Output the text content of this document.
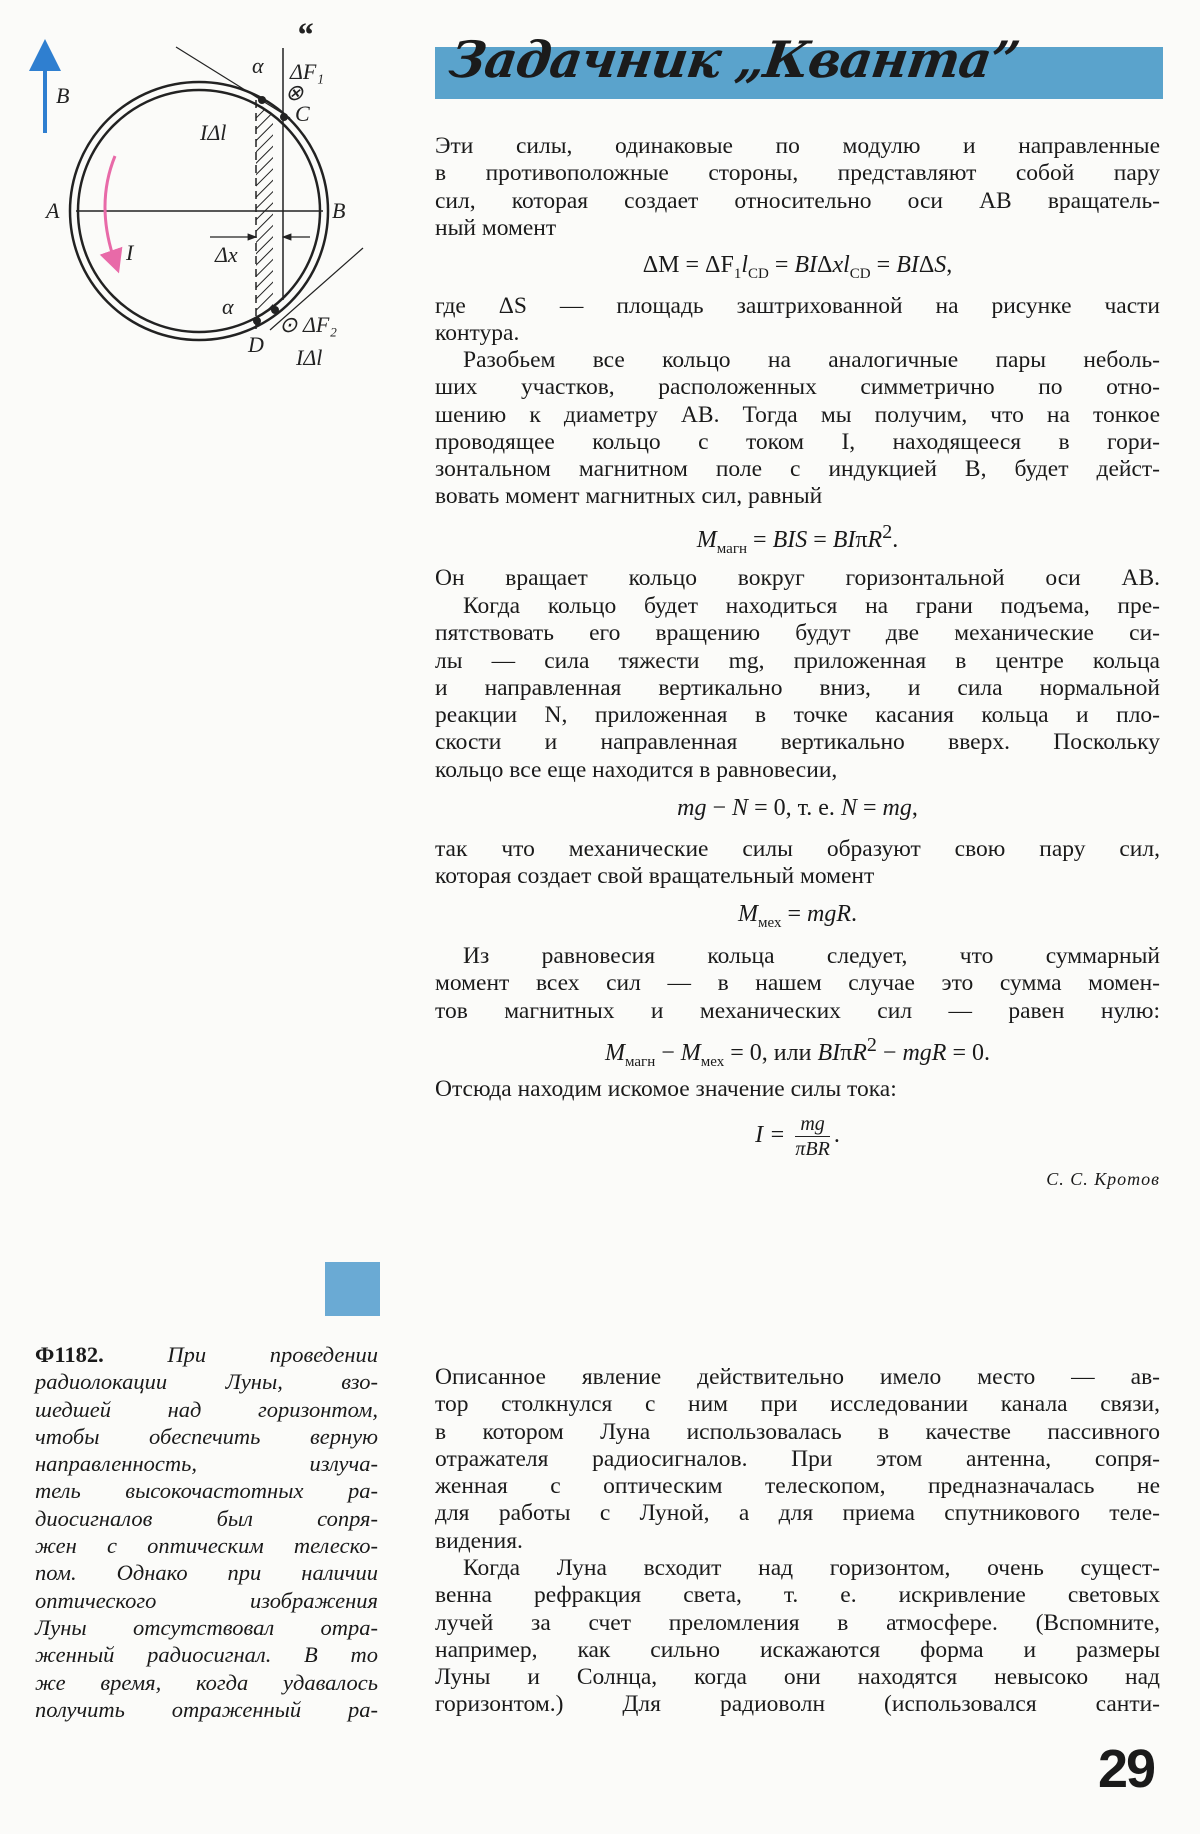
B
A	B
C
D
I
α
α
ΔF₁
ΔF₂
⊗
⊙
IΔl
IΔl
Δx
“	Задачник „Кванта”
Эти силы, одинаковые по модулю и направленные
в противоположные стороны, представляют собой пару
сил, которая создает относительно оси AB вращатель-
ный момент
$\Delta M = \Delta F_1l_{CD} = BI\Delta xl_{CD} = BI\Delta S$,
где ΔS — площадь заштрихованной на рисунке части
контура.
Разобьем все кольцо на аналогичные пары неболь-
ших участков, расположенных симметрично по отно-
шению к диаметру AB. Тогда мы получим, что на тонкое
проводящее кольцо с током I, находящееся в гори-
зонтальном магнитном поле с индукцией B, будет дейст-
вовать момент магнитных сил, равный
$M_{магн}$ = BIS = BIπR$^2$.
Он вращает кольцо вокруг горизонтальной оси AB.
Когда кольцо будет находиться на грани подъема, пре-
пятствовать его вращению будут две механические си-
лы — сила тяжести mg, приложенная в центре кольца
и направленная вертикально вниз, и сила нормальной
реакции N, приложенная в точке касания кольца и пло-
скости и направленная вертикально вверх. Поскольку
кольцо все еще находится в равновесии,
mg − N = 0, т. е. N = mg,
так что механические силы образуют свою пару сил,
которая создает свой вращательный момент
$M_{мех}$ = mgR.
Из равновесия кольца следует, что суммарный
момент всех сил — в нашем случае это сумма момен-
тов магнитных и механических сил — равен нулю:
$M_{магн} - M_{мех} = 0$, или BIπR$^2$ − mgR = 0.
Отсюда находим искомое значение силы тока:
$I = \frac{mg}{\text{πBR}}$ .
С. С. Кротов
Ф1182.	При проведении
радиолокации Луны, взо-
шедшей над горизонтом,
чтобы обеспечить верную
направленность, излуча-
тель высокочастотных ра-
диосигналов был сопря-
жен с оптическим телеско-
пом. Однако при наличии
оптического изображения
Луны отсутствовал отра-
женный радиосигнал. В то
же время, когда удавалось
получить отраженный ра-
Описанное явление действительно имело место — ав-
тор столкнулся с ним при исследовании канала связи,
в котором Луна использовалась в качестве пассивного
отражателя радиосигналов. При этом антенна, сопря-
женная с оптическим телескопом, предназначалась не
для работы с Луной, а для приема спутникового теле-
видения.
Когда Луна всходит над горизонтом, очень сущест-
венна рефракция света, т. е. искривление световых
лучей за счет преломления в атмосфере. (Вспомните,
например, как сильно искажаются форма и размеры
Луны и Солнца, когда они находятся невысоко над
горизонтом.) Для радиоволн (использовался санти-
29
